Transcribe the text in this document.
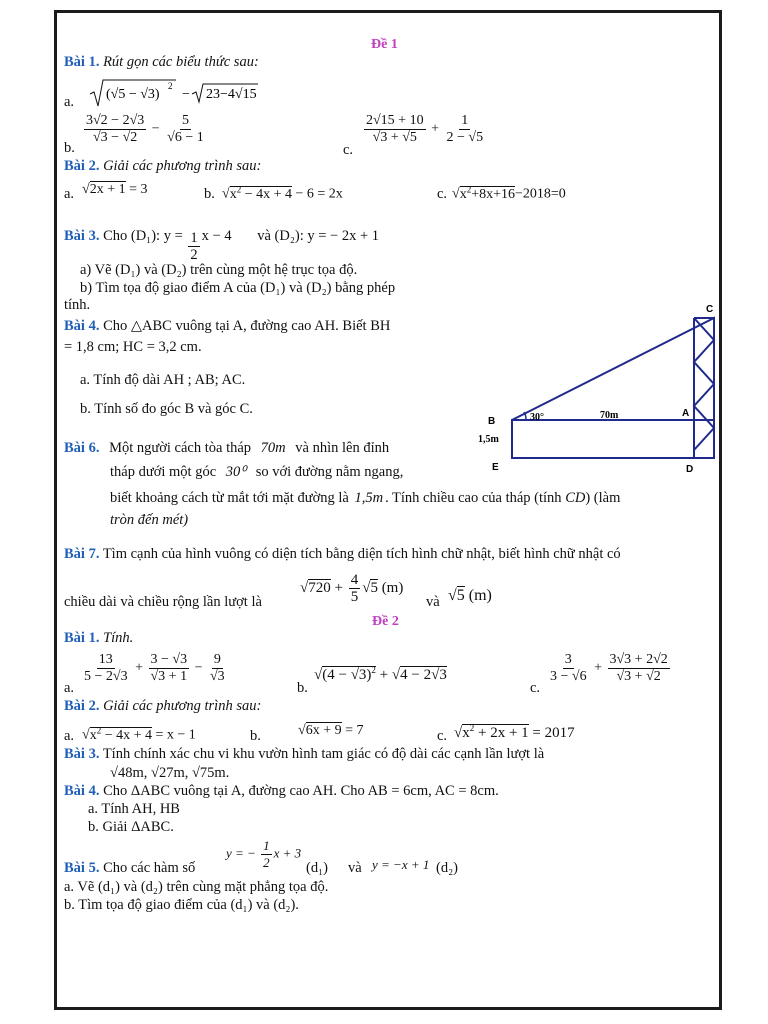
Đề 1
Bài 1. Rút gọn các biểu thức sau:
a. (√5 − √3)
2
− 23−4√15
b.
$\frac{3√2 - 2√3}{√3 - √2} - \frac{5}{√6 - 1}$
c.
$\frac{2√15 + 10}{√3 + √5} + \frac{1}{2 - √5}$
Bài 2. Giải các phương trình sau:
a. √2x + 1 = 3	b. $√x^2 - 4x + 4 - 6 = 2x$	c. $√x^2+8x+16-2018=0$
Bài 3. Cho (D₁): $y = \frac{1}{2}$ x − 4 và (D₂): y = − 2x + 1
a) Vẽ (D₁) và (D₂) trên cùng một hệ trục tọa độ.
b) Tìm tọa độ giao điểm A của (D₁) và (D₂) bằng phép
tính.
Bài 4. Cho △ABC vuông tại A, đường cao AH. Biết BH
= 1,8 cm; HC = 3,2 cm.
a. Tính độ dài AH ; AB; AC.
b. Tính số đo góc B và góc C.
Bài 6. Một người cách tòa tháp 70m và nhìn lên đỉnh
tháp dưới một góc 30⁰ so với đường nằm ngang,
biết khoảng cách từ mắt tới mặt đường là 1,5m . Tính chiều cao của tháp (tính CD) (làm
tròn đến mét)
C
B
A
E	D
30°	70m
1,5m
Bài 7. Tìm cạnh của hình vuông có diện tích bằng diện tích hình chữ nhật, biết hình chữ nhật có
chiều dài và chiều rộng lần lượt là
$√720 + \frac{4}{5} √5$ (m)
và √5 (m)
Đề 2
Bài 1. Tính.
a.
$\frac{13}{5 - 2√3} + \frac{3 - √3}{√3 + 1} - \frac{9}{√3}$
b.
$√(4 - √3)^2 + √4 - 2√3$
c.
$\frac{3}{3 - √6} + \frac{3√3 + 2√2}{√3 + √2}$
Bài 2. Giải các phương trình sau:
a. $√x^2 - 4x + 4 = x - 1$	b.	√6x + 9 = 7	c. $√x^2 + 2x + 1 = 2017$
Bài 3. Tính chính xác chu vi khu vườn hình tam giác có độ dài các cạnh lần lượt là
√48m, √27m, √75m.
Bài 4. Cho ΔABC vuông tại A, đường cao AH. Cho AB = 6cm, AC = 8cm.
a. Tính AH, HB
b. Giải ΔABC.
Bài 5. Cho các hàm số
y = − $\frac{1}{2}$ x + 3
(d₁) và y = −x + 1 (d₂)
a. Vẽ (d₁) và (d₂) trên cùng mặt phẳng tọa độ.
b. Tìm tọa độ giao điểm của (d₁) và (d₂).
